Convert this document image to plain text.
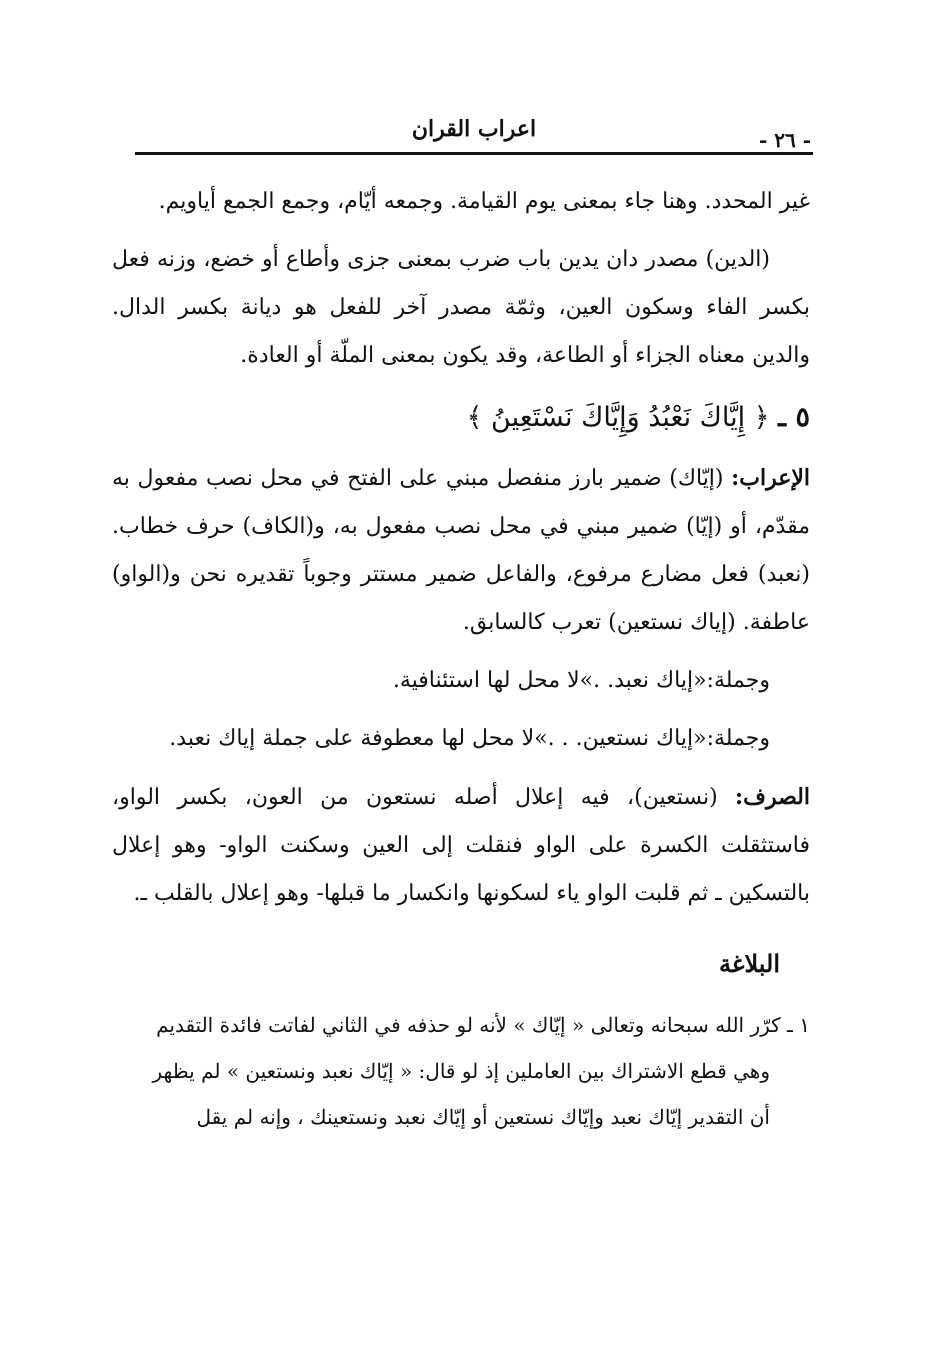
- ٢٦ -
اعراب القران

غير المحدد. وهنا جاء بمعنى يوم القيامة. وجمعه أيّام، وجمع الجمع أياويم.

(الدين) مصدر دان يدين باب ضرب بمعنى جزى وأطاع أو خضع، وزنه فعل بكسر الفاء وسكون العين، وثمّة مصدر آخر للفعل هو ديانة بكسر الدال. والدين معناه الجزاء أو الطاعة، وقد يكون بمعنى الملّة أو العادة.

٥ ـ ﴿ إِيَّاكَ نَعْبُدُ وَإِيَّاكَ نَسْتَعِينُ ﴾

الإعراب: (إيّاك) ضمير بارز منفصل مبني على الفتح في محل نصب مفعول به مقدّم، أو (إيّا) ضمير مبني في محل نصب مفعول به، و(الكاف) حرف خطاب. (نعبد) فعل مضارع مرفوع، والفاعل ضمير مستتر وجوباً تقديره نحن و(الواو) عاطفة. (إياك نستعين) تعرب كالسابق.

وجملة:«إياك نعبد. .»لا محل لها استئنافية.

وجملة:«إياك نستعين. . .»لا محل لها معطوفة على جملة إياك نعبد.

الصرف: (نستعين)، فيه إعلال أصله نستعون من العون، بكسر الواو، فاستثقلت الكسرة على الواو فنقلت إلى العين وسكنت الواو- وهو إعلال بالتسكين ـ ثم قلبت الواو ياء لسكونها وانكسار ما قبلها- وهو إعلال بالقلب ـ.

البلاغة
١ ـ كرّر الله سبحانه وتعالى « إيّاك » لأنه لو حذفه في الثاني لفاتت فائدة التقديم
وهي قطع الاشتراك بين العاملين إذ لو قال: « إيّاك نعبد ونستعين » لم يظهر
أن التقدير إيّاك نعبد وإيّاك نستعين أو إيّاك نعبد ونستعينك ، وإنه لم يقل
